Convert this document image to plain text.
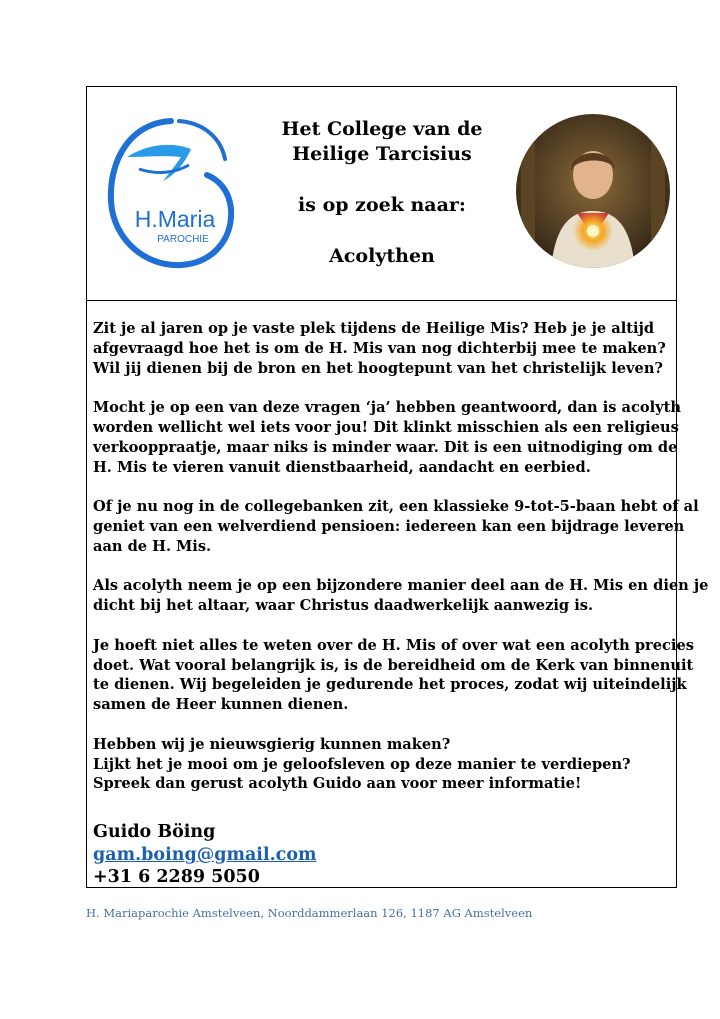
H.Maria
PAROCHIE
Het College van de
Heilige Tarcisius
is op zoek naar:
Acolythen

Zit je al jaren op je vaste plek tijdens de Heilige Mis? Heb je je altijd
afgevraagd hoe het is om de H. Mis van nog dichterbij mee te maken?
Wil jij dienen bij de bron en het hoogtepunt van het christelijk leven?

Mocht je op een van deze vragen ‘ja’ hebben geantwoord, dan is acolyth
worden wellicht wel iets voor jou! Dit klinkt misschien als een religieus
verkooppraatje, maar niks is minder waar. Dit is een uitnodiging om de
H. Mis te vieren vanuit dienstbaarheid, aandacht en eerbied.

Of je nu nog in de collegebanken zit, een klassieke 9-tot-5-baan hebt of al
geniet van een welverdiend pensioen: iedereen kan een bijdrage leveren
aan de H. Mis.

Als acolyth neem je op een bijzondere manier deel aan de H. Mis en dien je
dicht bij het altaar, waar Christus daadwerkelijk aanwezig is.

Je hoeft niet alles te weten over de H. Mis of over wat een acolyth precies
doet. Wat vooral belangrijk is, is de bereidheid om de Kerk van binnenuit
te dienen. Wij begeleiden je gedurende het proces, zodat wij uiteindelijk
samen de Heer kunnen dienen.

Hebben wij je nieuwsgierig kunnen maken?
Lijkt het je mooi om je geloofsleven op deze manier te verdiepen?
Spreek dan gerust acolyth Guido aan voor meer informatie!

Guido Böing
gam.boing@gmail.com
+31 6 2289 5050
H. Mariaparochie Amstelveen, Noorddammerlaan 126, 1187 AG Amstelveen
